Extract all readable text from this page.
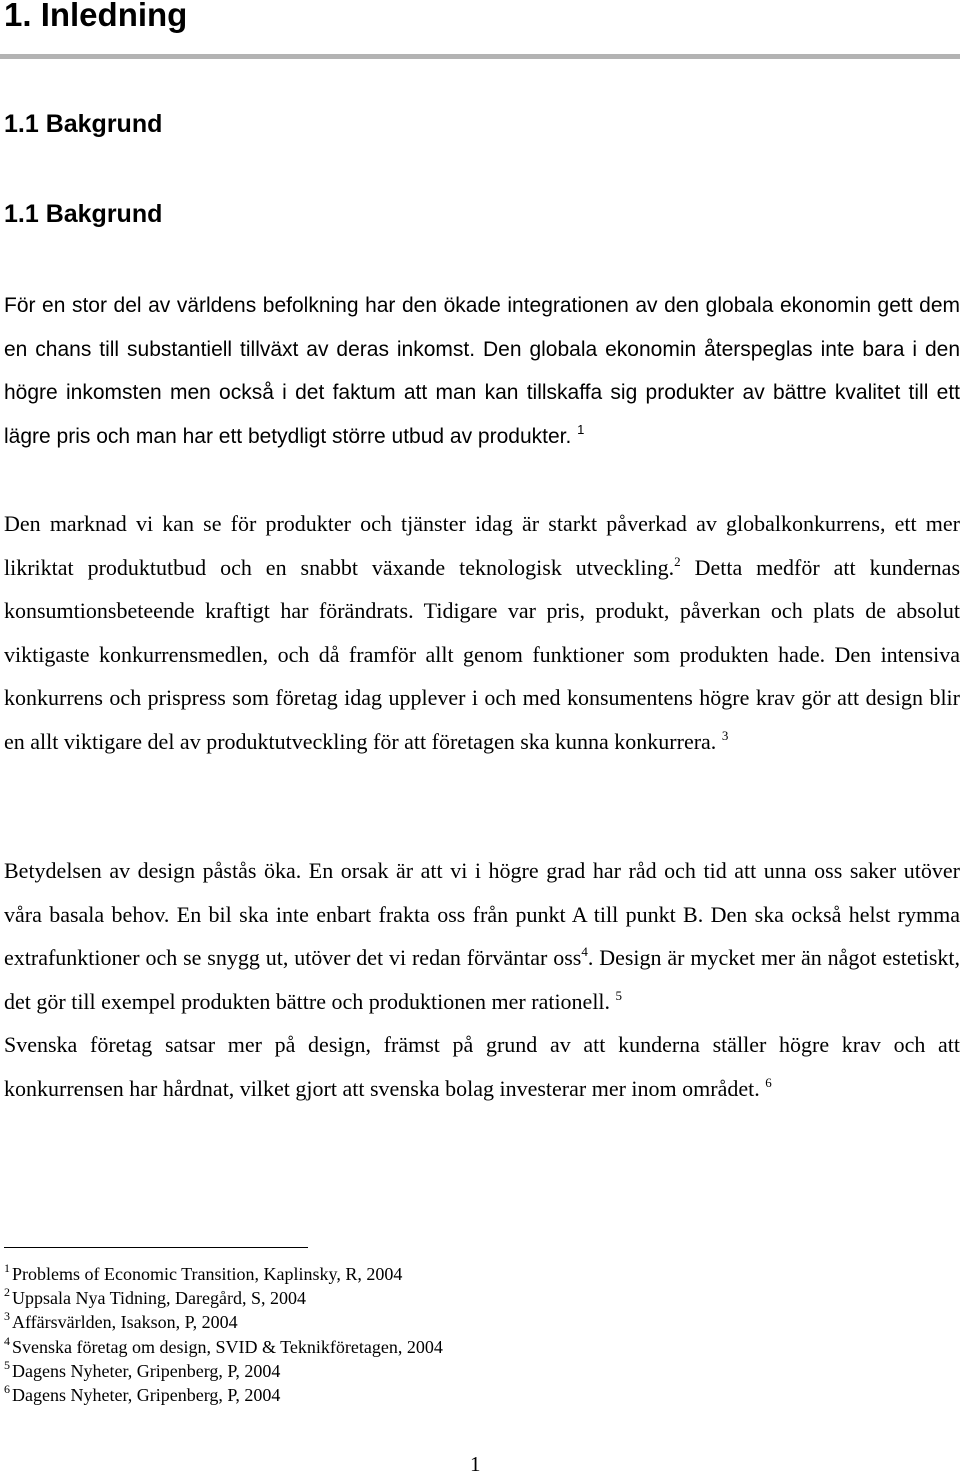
1. Inledning
1.1 Bakgrund
1.1 Bakgrund

För en stor del av världens befolkning har den ökade integrationen av den globala ekonomin gett dem en chans till substantiell tillväxt av deras inkomst. Den globala ekonomin återspeglas inte bara i den högre inkomsten men också i det faktum att man kan tillskaffa sig produkter av bättre kvalitet till ett lägre pris och man har ett betydligt större utbud av produkter. $^1$

Den marknad vi kan se för produkter och tjänster idag är starkt påverkad av globalkonkurrens, ett mer likriktat produktutbud och en snabbt växande teknologisk utveckling.$^2$ Detta medför att kundernas konsumtionsbeteende kraftigt har förändrats. Tidigare var pris, produkt, påverkan och plats de absolut viktigaste konkurrensmedlen, och då framför allt genom funktioner som produkten hade. Den intensiva konkurrens och prispress som företag idag upplever i och med konsumentens högre krav gör att design blir en allt viktigare del av produktutveckling för att företagen ska kunna konkurrera. $^3$

Betydelsen av design påstås öka. En orsak är att vi i högre grad har råd och tid att unna oss saker utöver våra basala behov. En bil ska inte enbart frakta oss från punkt A till punkt B. Den ska också helst rymma extrafunktioner och se snygg ut, utöver det vi redan förväntar oss$^4$. Design är mycket mer än något estetiskt, det gör till exempel produkten bättre och produktionen mer rationell. $^5$
Svenska företag satsar mer på design, främst på grund av att kunderna ställer högre krav och att konkurrensen har hårdnat, vilket gjort att svenska bolag investerar mer inom området. $^6$

$^1$ Problems of Economic Transition, Kaplinsky, R, 2004
$^2$ Uppsala Nya Tidning, Daregård, S, 2004
$^3$ Affärsvärlden, Isakson, P, 2004
$^4$ Svenska företag om design, SVID & Teknikföretagen, 2004
$^5$ Dagens Nyheter, Gripenberg, P, 2004
$^6$ Dagens Nyheter, Gripenberg, P, 2004
1
